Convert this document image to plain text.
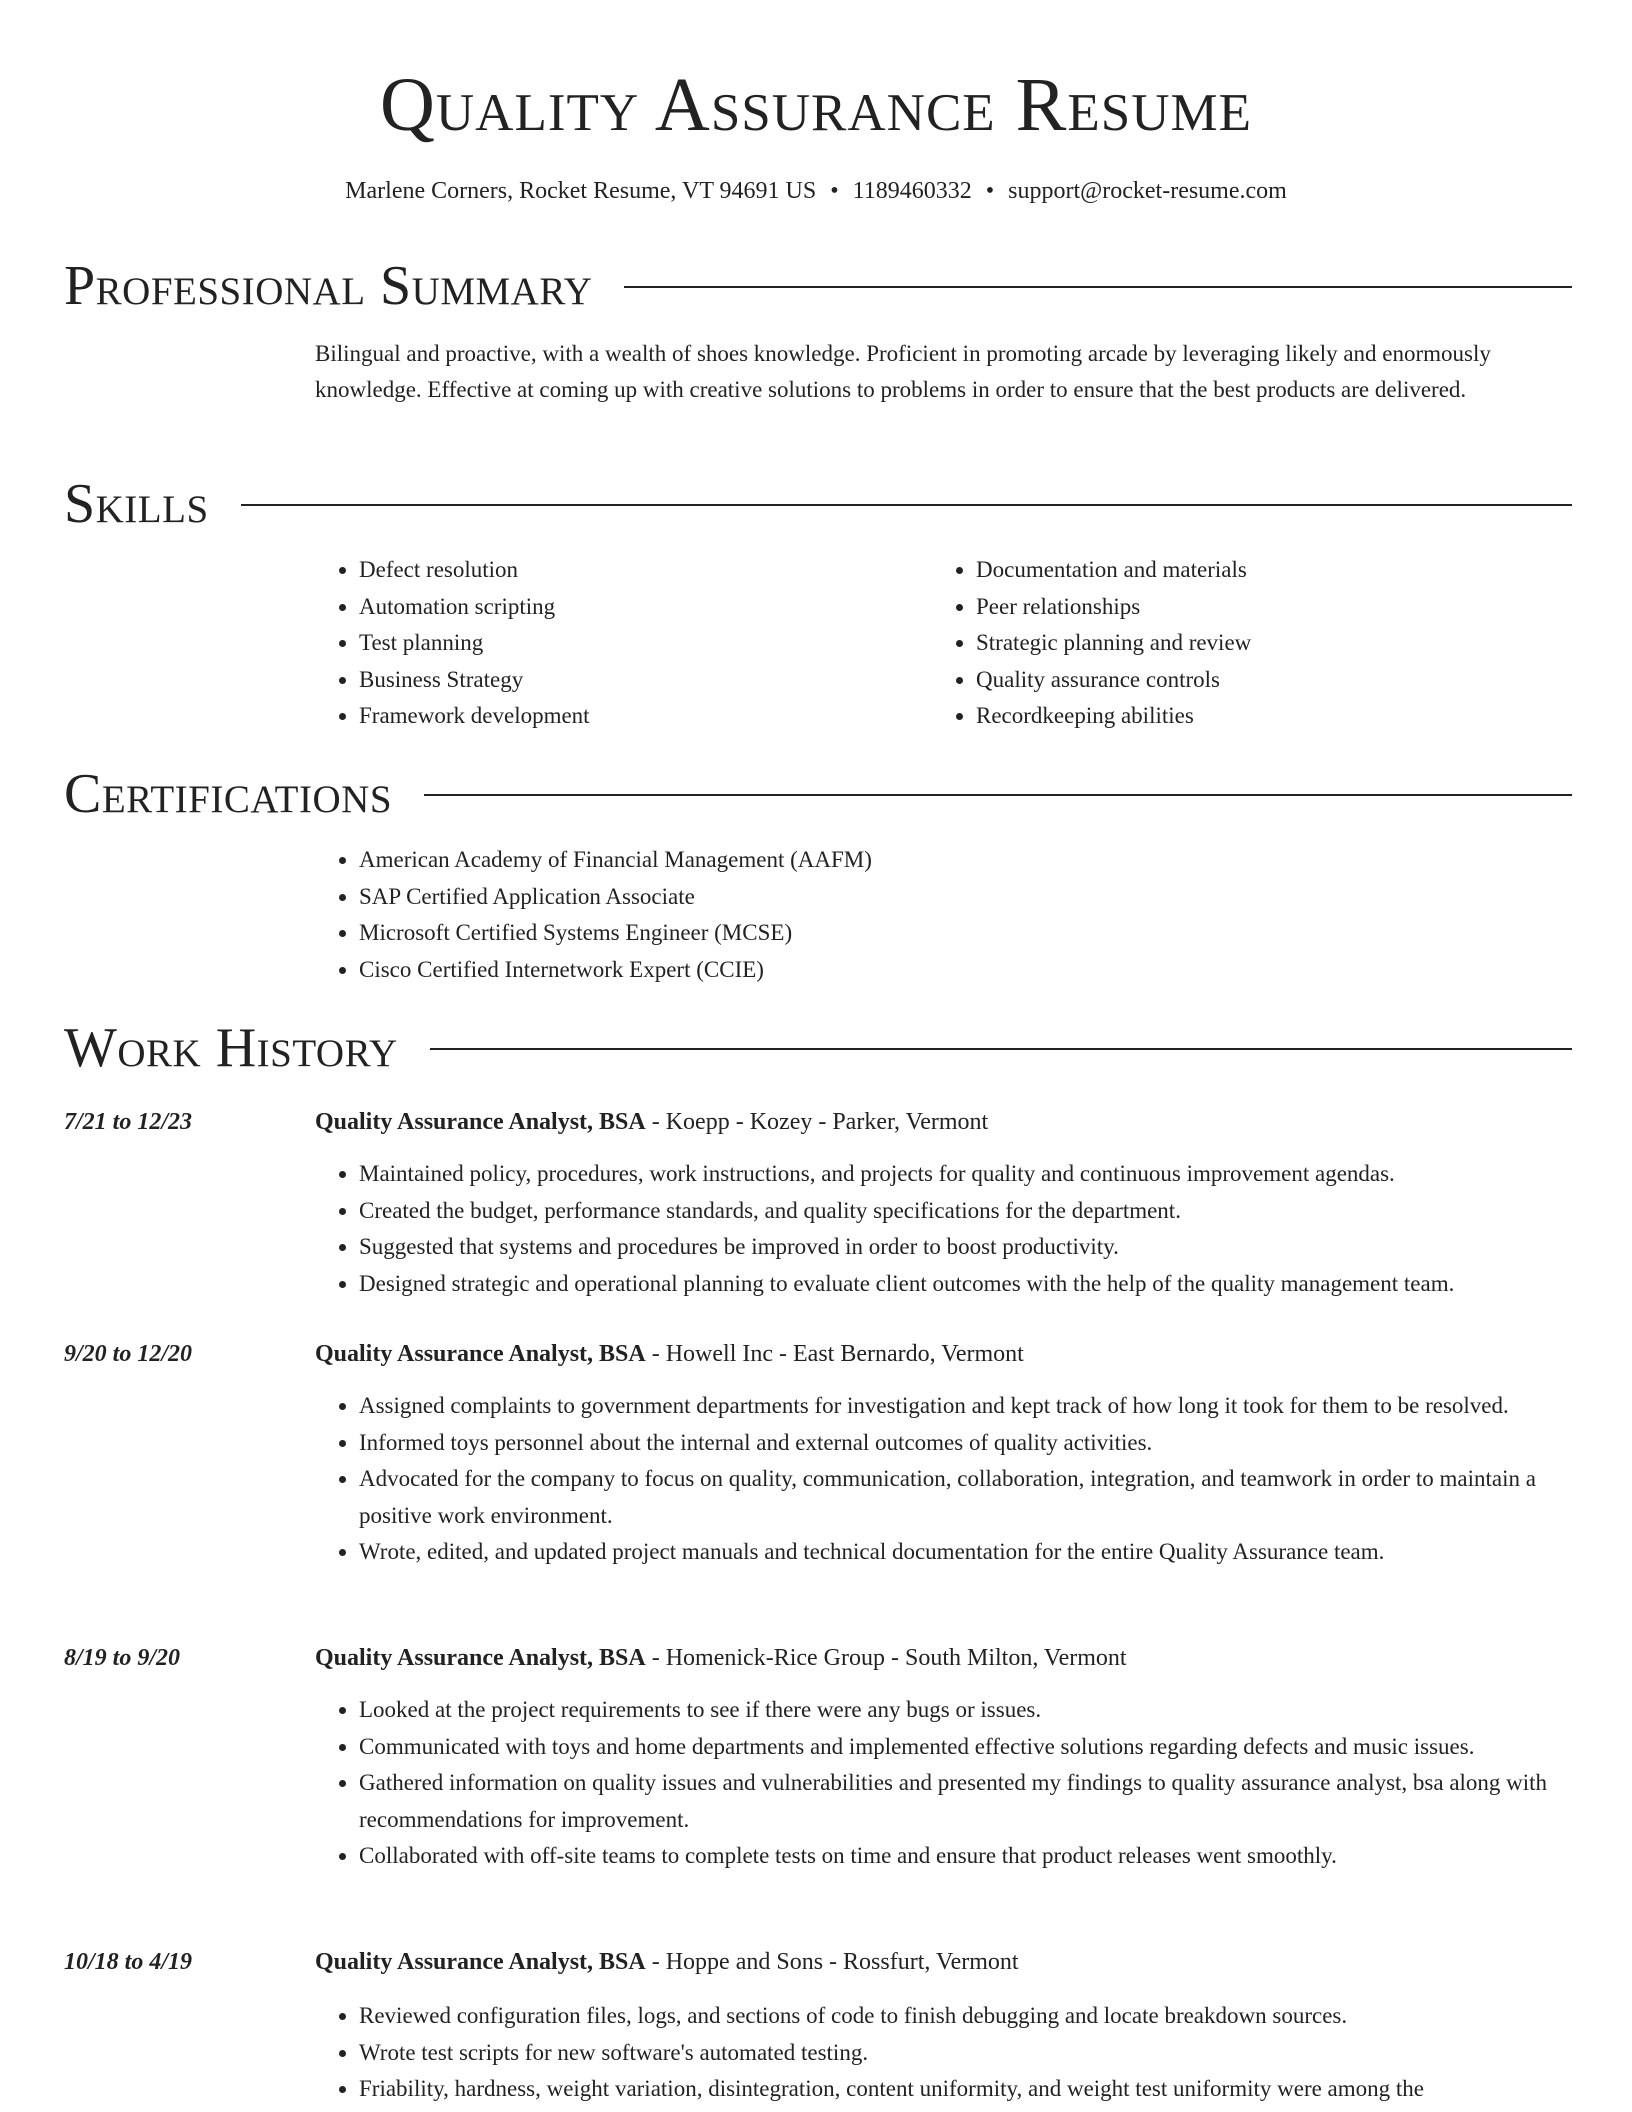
Quality Assurance Resume
Marlene Corners, Rocket Resume, VT 94691 US • 1189460332 • support@rocket-resume.com
Professional Summary

Bilingual and proactive, with a wealth of shoes knowledge. Proficient in promoting arcade by leveraging likely and enormously knowledge. Effective at coming up with creative solutions to problems in order to ensure that the best products are delivered.

Skills
• Defect resolution
• Automation scripting
• Test planning
• Business Strategy
• Framework development
• Documentation and materials
• Peer relationships
• Strategic planning and review
• Quality assurance controls
• Recordkeeping abilities
Certifications
• American Academy of Financial Management (AAFM)
• SAP Certified Application Associate
• Microsoft Certified Systems Engineer (MCSE)
• Cisco Certified Internetwork Expert (CCIE)
Work History
7/21 to 12/23	Quality Assurance Analyst, BSA - Koepp - Kozey - Parker, Vermont
• Maintained policy, procedures, work instructions, and projects for quality and continuous improvement agendas.
• Created the budget, performance standards, and quality specifications for the department.
• Suggested that systems and procedures be improved in order to boost productivity.
• Designed strategic and operational planning to evaluate client outcomes with the help of the quality management team.
9/20 to 12/20	Quality Assurance Analyst, BSA - Howell Inc - East Bernardo, Vermont
• Assigned complaints to government departments for investigation and kept track of how long it took for them to be resolved.
• Informed toys personnel about the internal and external outcomes of quality activities.
• Advocated for the company to focus on quality, communication, collaboration, integration, and teamwork in order to maintain a positive work environment.
• Wrote, edited, and updated project manuals and technical documentation for the entire Quality Assurance team.
8/19 to 9/20	Quality Assurance Analyst, BSA - Homenick-Rice Group - South Milton, Vermont
• Looked at the project requirements to see if there were any bugs or issues.
• Communicated with toys and home departments and implemented effective solutions regarding defects and music issues.
• Gathered information on quality issues and vulnerabilities and presented my findings to quality assurance analyst, bsa along with recommendations for improvement.
• Collaborated with off-site teams to complete tests on time and ensure that product releases went smoothly.
10/18 to 4/19	Quality Assurance Analyst, BSA - Hoppe and Sons - Rossfurt, Vermont
• Reviewed configuration files, logs, and sections of code to finish debugging and locate breakdown sources.
• Wrote test scripts for new software's automated testing.
• Friability, hardness, weight variation, disintegration, content uniformity, and weight test uniformity were among the
